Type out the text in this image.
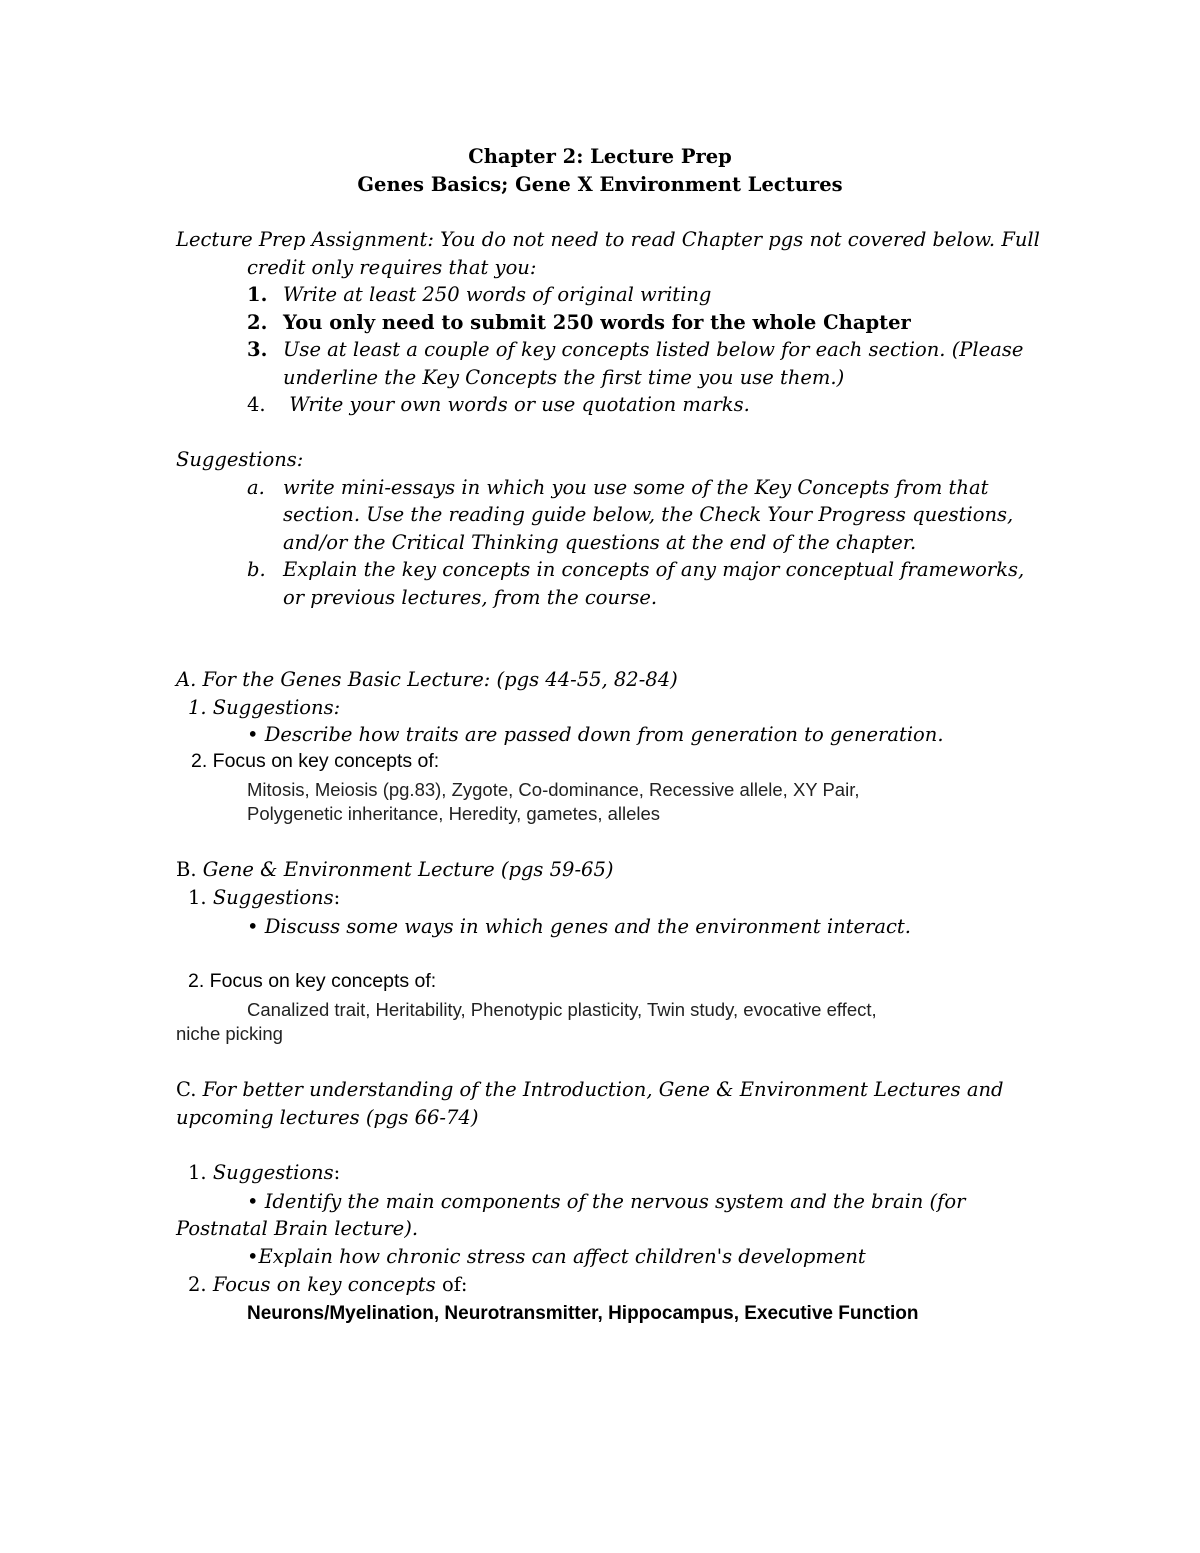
Chapter 2: Lecture Prep
Genes Basics; Gene X Environment Lectures
Lecture Prep Assignment: You do not need to read Chapter pgs not covered below. Full
credit only requires that you:
1. Write at least 250 words of original writing
2. You only need to submit 250 words for the whole Chapter
3. Use at least a couple of key concepts listed below for each section. (Please
underline the Key Concepts the first time you use them.)
4. Write your own words or use quotation marks.
Suggestions:
a. write mini-essays in which you use some of the Key Concepts from that
section. Use the reading guide below, the Check Your Progress questions,
and/or the Critical Thinking questions at the end of the chapter.
b. Explain the key concepts in concepts of any major conceptual frameworks,
or previous lectures, from the course.
A. For the Genes Basic Lecture: (pgs 44-55, 82-84)
1. Suggestions:
• Describe how traits are passed down from generation to generation.
2. Focus on key concepts of:
Mitosis, Meiosis (pg.83), Zygote, Co-dominance, Recessive allele, XY Pair,
Polygenetic inheritance, Heredity, gametes, alleles
B. Gene & Environment Lecture (pgs 59-65)
1. Suggestions:
• Discuss some ways in which genes and the environment interact.
2. Focus on key concepts of:
Canalized trait, Heritability, Phenotypic plasticity, Twin study, evocative effect,
niche picking
C. For better understanding of the Introduction, Gene & Environment Lectures and
upcoming lectures (pgs 66-74)
1. Suggestions:
• Identify the main components of the nervous system and the brain (for
Postnatal Brain lecture).
•Explain how chronic stress can affect children's development
2. Focus on key concepts of:
Neurons/Myelination, Neurotransmitter, Hippocampus, Executive Function
